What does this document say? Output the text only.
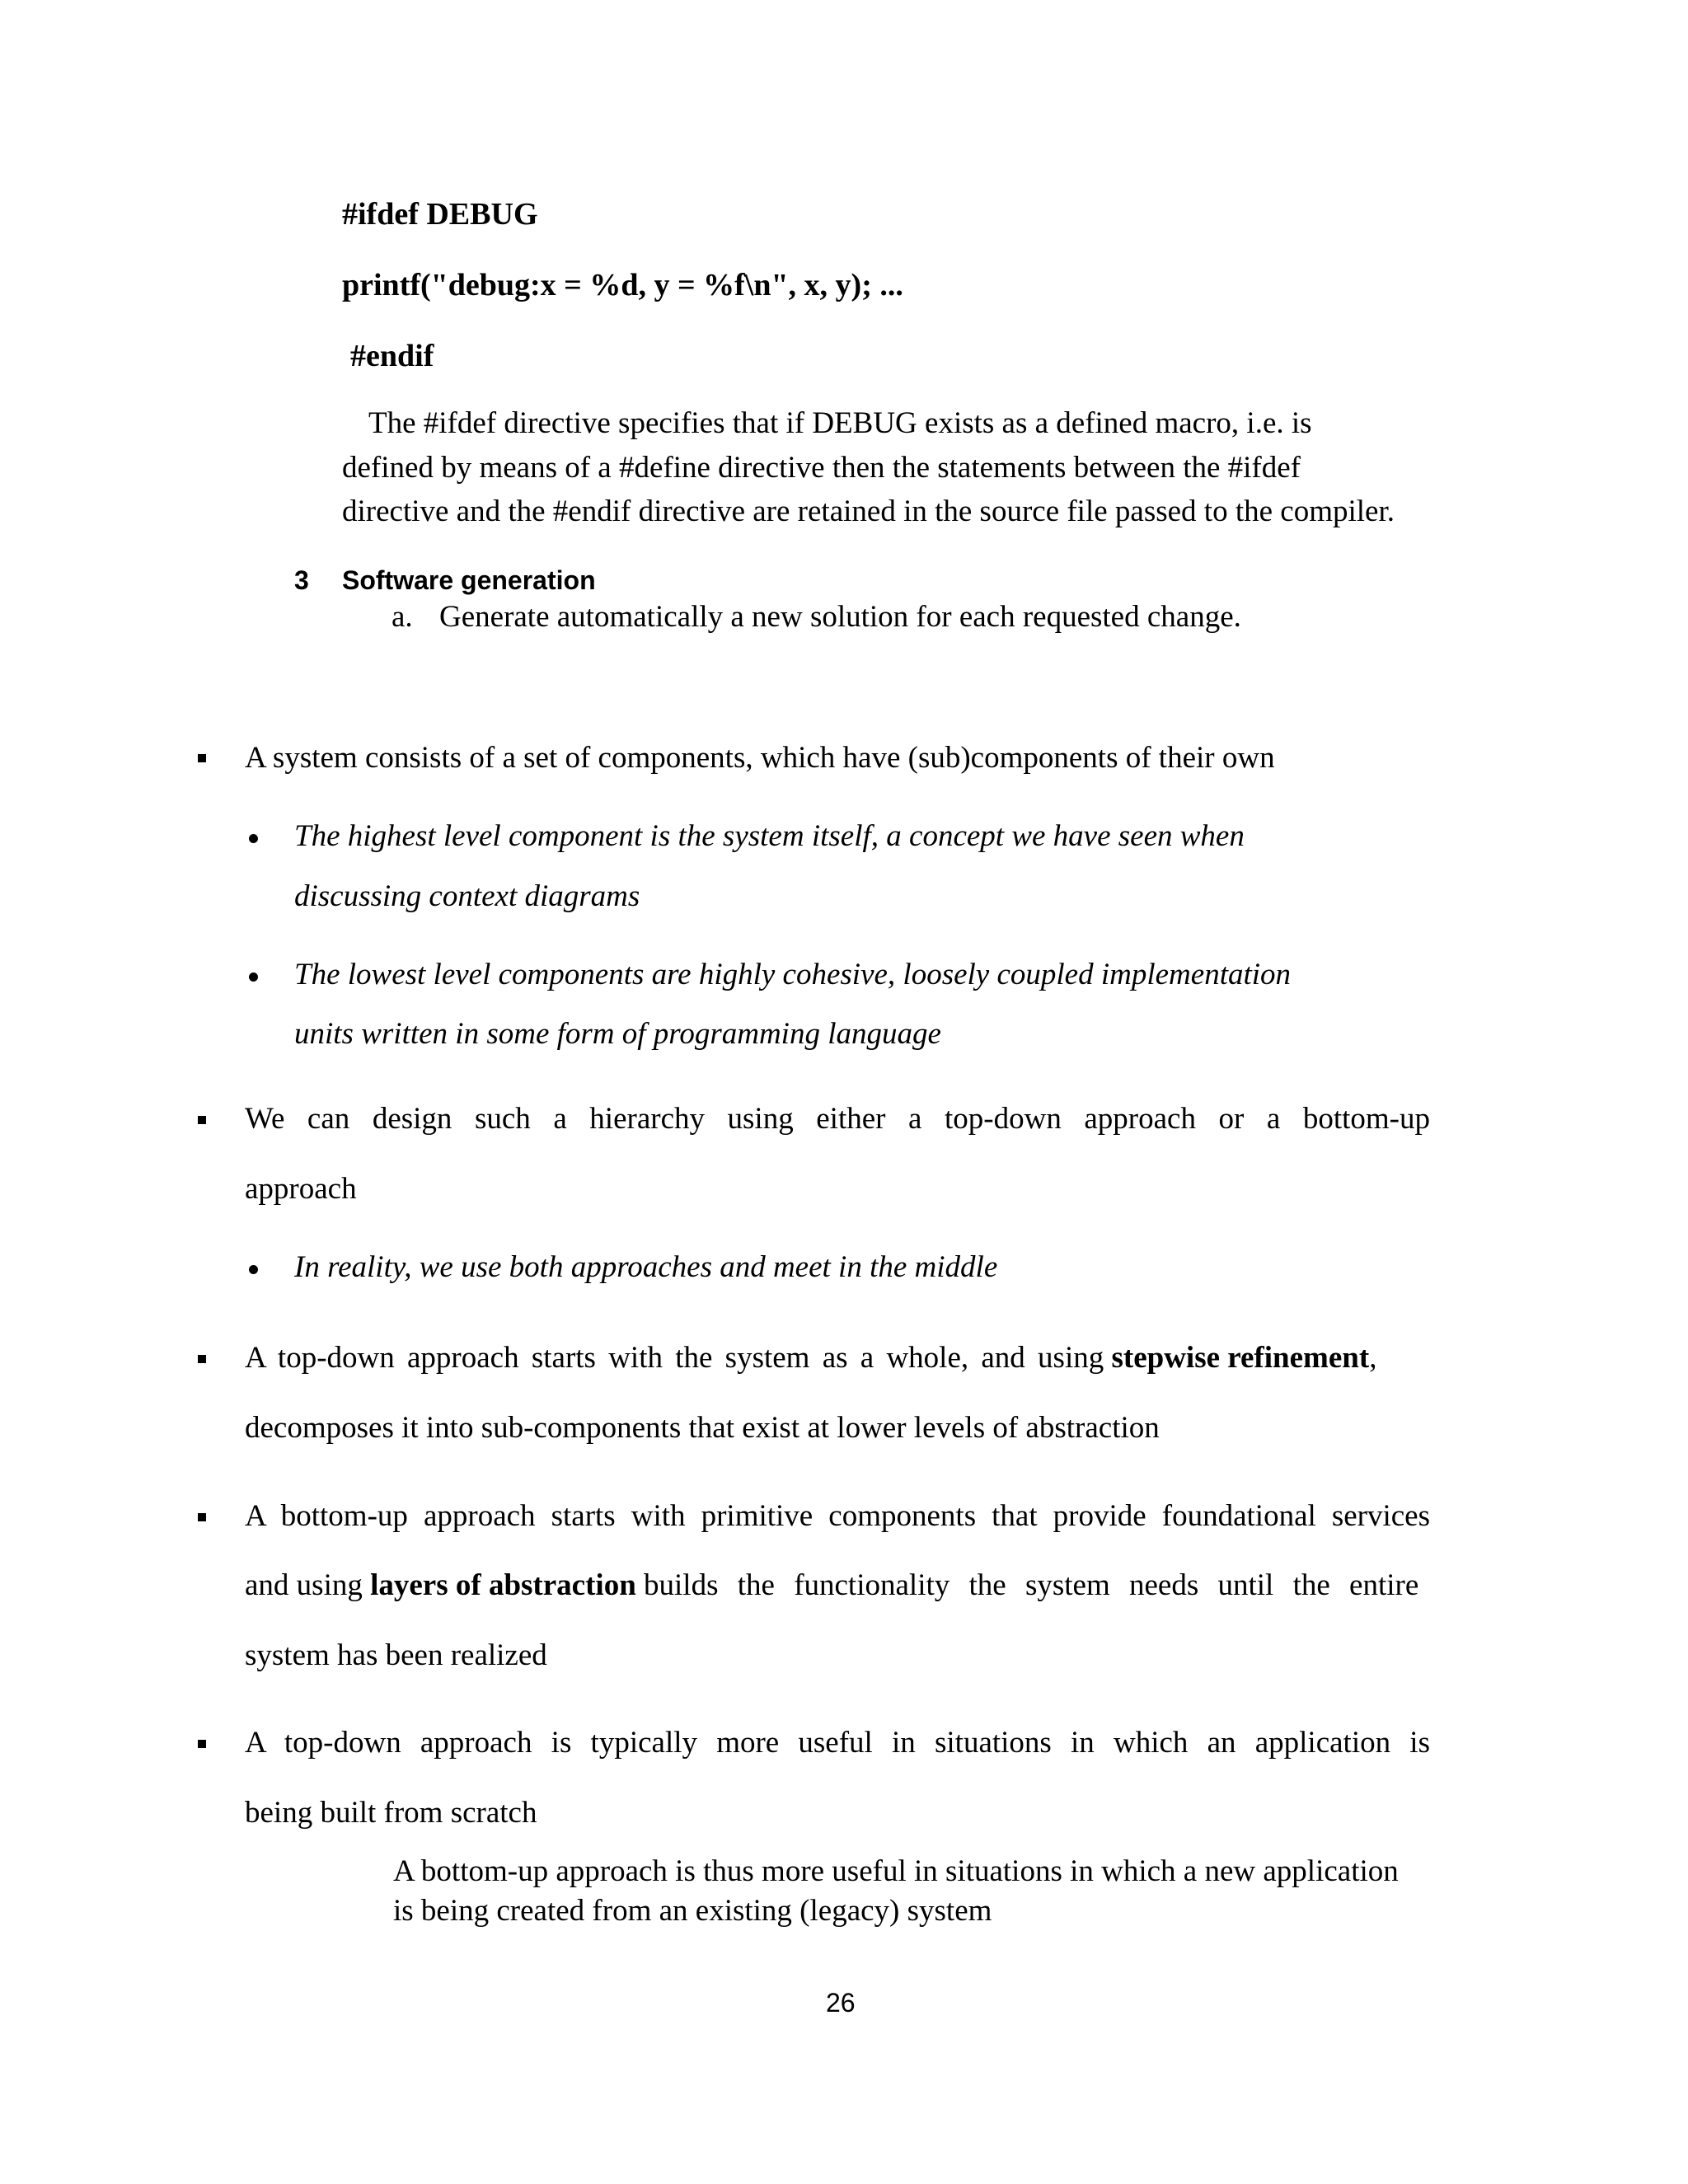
#ifdef DEBUG
printf("debug:x = %d, y = %f\n", x, y); ...
#endif
The #ifdef directive specifies that if DEBUG exists as a defined macro, i.e. is
defined by means of a #define directive then the statements between the #ifdef
directive and the #endif directive are retained in the source file passed to the compiler.
3 Software generation
a. Generate automatically a new solution for each requested change.
A system consists of a set of components, which have (sub)components of their own
The highest level component is the system itself, a concept we have seen when
discussing context diagrams
The lowest level components are highly cohesive, loosely coupled implementation
units written in some form of programming language
We can design such a hierarchy using either a top-down approach or a bottom-up
approach
In reality, we use both approaches and meet in the middle
A top-down approach starts with the system as a whole, and using stepwise refinement,
decomposes it into sub-components that exist at lower levels of abstraction
A bottom-up approach starts with primitive components that provide foundational services
and using layers of abstraction builds the functionality the system needs until the entire
system has been realized
A top-down approach is typically more useful in situations in which an application is
being built from scratch
A bottom-up approach is thus more useful in situations in which a new application
is being created from an existing (legacy) system
26
